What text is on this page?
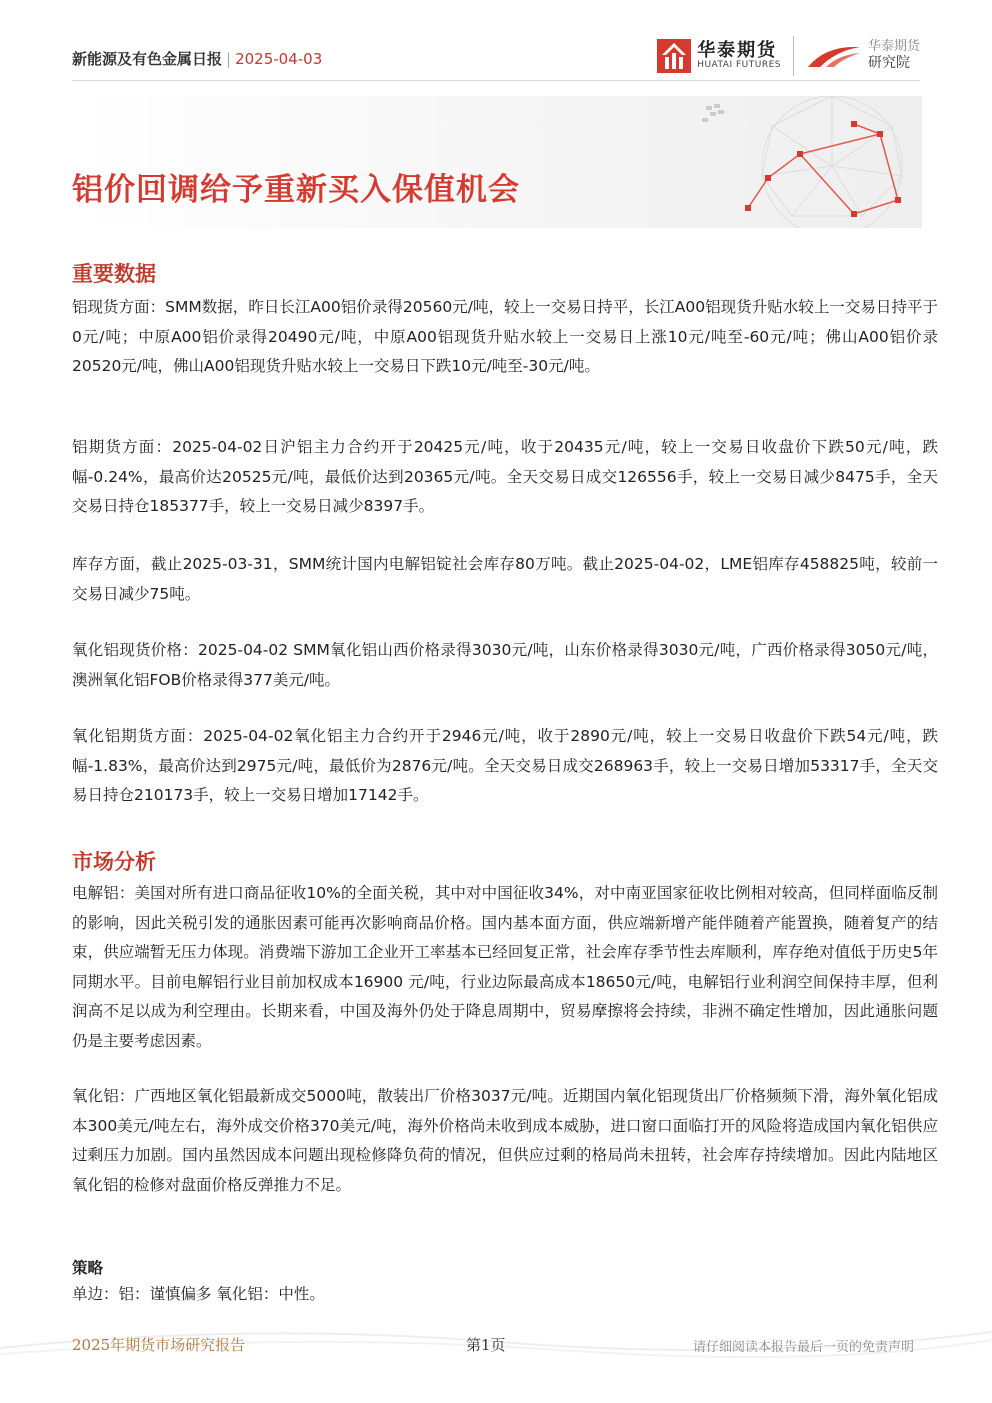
新能源及有色金属日报 | 2025-04-03	华泰期货
HUATAI FUTURES
华泰期货
研究院
铝价回调给予重新买入保值机会
重要数据
铝现货方面：SMM数据，昨日长江A00铝价录得20560元/吨，较上一交易日持平，长江A00铝现货升贴水较上一交易日持平于0元/吨；中原A00铝价录得20490元/吨，中原A00铝现货升贴水较上一交易日上涨10元/吨至-60元/吨；佛山A00铝价录20520元/吨，佛山A00铝现货升贴水较上一交易日下跌10元/吨至-30元/吨。
铝期货方面：2025-04-02日沪铝主力合约开于20425元/吨，收于20435元/吨，较上一交易日收盘价下跌50元/吨，跌幅-0.24%，最高价达20525元/吨，最低价达到20365元/吨。全天交易日成交126556手，较上一交易日减少8475手，全天交易日持仓185377手，较上一交易日减少8397手。
库存方面，截止2025-03-31，SMM统计国内电解铝锭社会库存80万吨。截止2025-04-02，LME铝库存458825吨，较前一交易日减少75吨。
氧化铝现货价格：2025-04-02 SMM氧化铝山西价格录得3030元/吨，山东价格录得3030元/吨，广西价格录得3050元/吨，澳洲氧化铝FOB价格录得377美元/吨。
氧化铝期货方面：2025-04-02氧化铝主力合约开于2946元/吨，收于2890元/吨，较上一交易日收盘价下跌54元/吨，跌幅-1.83%，最高价达到2975元/吨，最低价为2876元/吨。全天交易日成交268963手，较上一交易日增加53317手，全天交易日持仓210173手，较上一交易日增加17142手。
市场分析
电解铝：美国对所有进口商品征收10%的全面关税，其中对中国征收34%，对中南亚国家征收比例相对较高，但同样面临反制的影响，因此关税引发的通胀因素可能再次影响商品价格。国内基本面方面，供应端新增产能伴随着产能置换，随着复产的结束，供应端暂无压力体现。消费端下游加工企业开工率基本已经回复正常，社会库存季节性去库顺利，库存绝对值低于历史5年同期水平。目前电解铝行业目前加权成本16900 元/吨，行业边际最高成本18650元/吨，电解铝行业利润空间保持丰厚，但利润高不足以成为利空理由。长期来看，中国及海外仍处于降息周期中，贸易摩擦将会持续，非洲不确定性增加，因此通胀问题仍是主要考虑因素。
氧化铝：广西地区氧化铝最新成交5000吨，散装出厂价格3037元/吨。近期国内氧化铝现货出厂价格频频下滑，海外氧化铝成本300美元/吨左右，海外成交价格370美元/吨，海外价格尚未收到成本威胁，进口窗口面临打开的风险将造成国内氧化铝供应过剩压力加剧。国内虽然因成本问题出现检修降负荷的情况，但供应过剩的格局尚未扭转，社会库存持续增加。因此内陆地区氧化铝的检修对盘面价格反弹推力不足。
策略
单边：铝：谨慎偏多 氧化铝：中性。
2025年期货市场研究报告	第1页	请仔细阅读本报告最后一页的免责声明
